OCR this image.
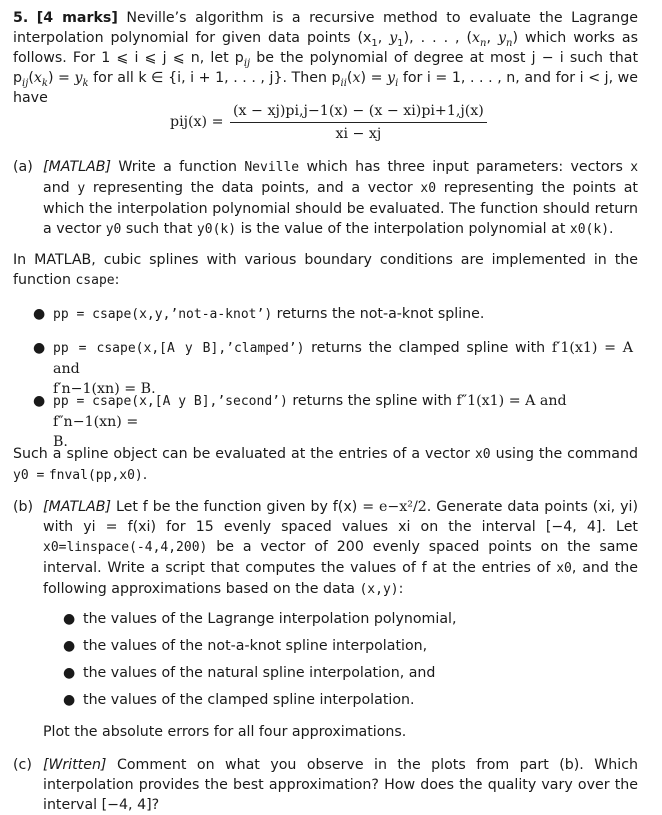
5. [4 marks] Neville’s algorithm is a recursive method to evaluate the Lagrange interpolation polynomial for given data points ($x_1$, $y_1$), . . . , ($x_n$, $y_n$) which works as follows. For 1 ⩽ i ⩽ j ⩽ n, let $p_{ij}$ be the polynomial of degree at most j − i such that $p_{ij}(x_k) = y_k$ for all k ∈ {i, i + 1, . . . , j}. Then $p_{ii}(x) = y_i$ for i = 1, . . . , n, and for i < j, we have
$pij(x) = \frac{(x - xj)pi,j-1(x) - (x - xi)pi+1,j(x)}{xi - xj}$
(a) [MATLAB] Write a function Neville which has three input parameters: vectors x and y representing the data points, and a vector x0 representing the points at which the interpolation polynomial should be evaluated. The function should return a vector y0 such that y0(k) is the value of the interpolation polynomial at x0(k).
In MATLAB, cubic splines with various boundary conditions are implemented in the function csape:
● pp = csape(x,y,’not-a-knot’) returns the not-a-knot spline.
● pp = csape(x,[A y B],’clamped’) returns the clamped spline with f′1(x1) = A and
f′n−1(xn) = B.
● pp = csape(x,[A y B],’second’) returns the spline with f″1(x1) = A and f″n−1(xn) =
B.
Such a spline object can be evaluated at the entries of a vector x0 using the command y0 = fnval(pp,x0).
(b) [MATLAB] Let f be the function given by f(x) = e−x²/2. Generate data points (xi, yi) with yi = f(xi) for 15 evenly spaced values xi on the interval [−4, 4]. Let x0=linspace(-4,4,200) be a vector of 200 evenly spaced points on the same interval. Write a script that computes the values of f at the entries of x0, and the following approximations based on the data (x,y):
● the values of the Lagrange interpolation polynomial,
● the values of the not-a-knot spline interpolation,
● the values of the natural spline interpolation, and
● the values of the clamped spline interpolation.
Plot the absolute errors for all four approximations.
(c) [Written] Comment on what you observe in the plots from part (b). Which interpolation provides the best approximation? How does the quality vary over the interval [−4, 4]?
